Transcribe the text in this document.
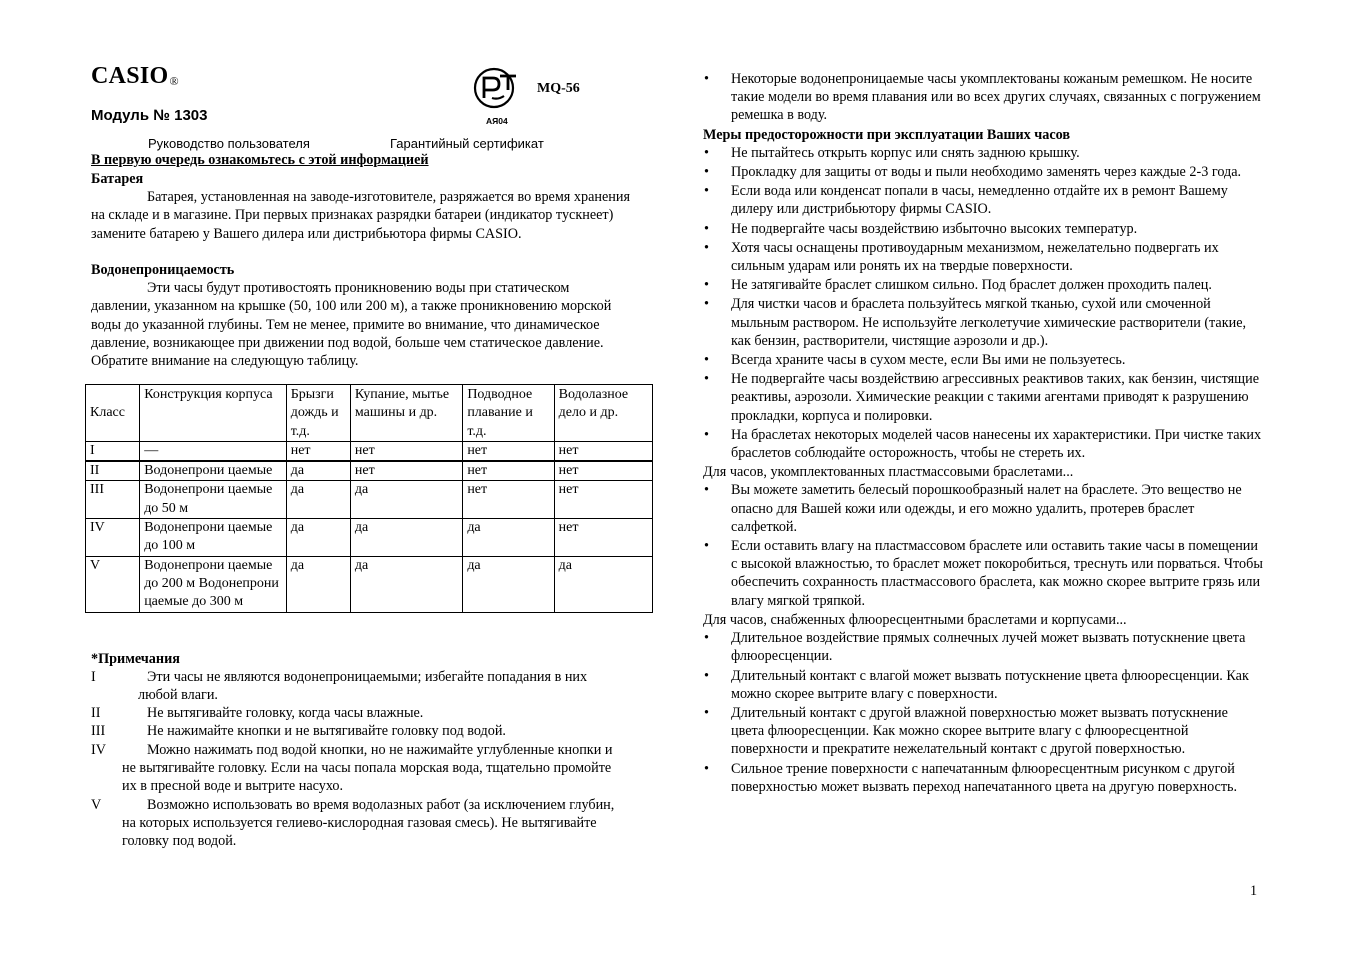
CASIO®
Модуль № 1303	АЯ04
MQ-56
Руководство пользователя	Гарантийный сертификат
В первую очередь ознакомьтесь с этой информацией
Батарея

Батарея, установленная на заводе-изготовителе, разряжается во время хранения на складе и в магазине. При первых признаках разрядки батареи (индикатор тускнеет) замените батарею у Вашего дилера или дистрибьютора фирмы CASIO.

Водонепроницаемость

Эти часы будут противостоять проникновению воды при статическом давлении, указанном на крышке (50, 100 или 200 м), а также проникновению морской воды до указанной глубины. Тем не менее, примите во внимание, что динамическое давление, возникающее при движении под водой, больше чем статическое давление. Обратите внимание на следующую таблицу.

Класс	Конструкция корпуса	Брызги дождь и т.д.	Купание, мытье машины и др.	Подводное плавание и т.д.	Водолазное дело и др.
I	—	нет	нет	нет	нет
II	Водонепрони цаемые	да	нет	нет	нет
III	Водонепрони цаемые до 50 м	да	да	нет	нет
IV	Водонепрони цаемые до 100 м	да	да	да	нет
V	Водонепрони цаемые до 200 м Водонепрони цаемые до 300 м	да	да	да	да
*Примечания
I	Эти часы не являются водонепроницаемыми; избегайте попадания в них любой влаги.

II	Не вытягивайте головку, когда часы влажные.

III	Не нажимайте кнопки и не вытягивайте головку под водой.

IV	Можно нажимать под водой кнопки, но не нажимайте углубленные кнопки и не вытягивайте головку. Если на часы попала морская вода, тщательно промойте их в пресной воде и вытрите насухо.

V	Возможно использовать во время водолазных работ (за исключением глубин, на которых используется гелиево-кислородная газовая смесь). Не вытягивайте головку под водой.

• Некоторые водонепроницаемые часы укомплектованы кожаным ремешком. Не носите такие модели во время плавания или во всех других случаях, связанных с погружением ремешка в воду.
Меры предосторожности при эксплуатации Ваших часов
• Не пытайтесь открыть корпус или снять заднюю крышку.
• Прокладку для защиты от воды и пыли необходимо заменять через каждые 2-3 года.
• Если вода или конденсат попали в часы, немедленно отдайте их в ремонт Вашему дилеру или дистрибьютору фирмы CASIO.
• Не подвергайте часы воздействию избыточно высоких температур.
• Хотя часы оснащены противоударным механизмом, нежелательно подвергать их сильным ударам или ронять их на твердые поверхности.
• Не затягивайте браслет слишком сильно. Под браслет должен проходить палец.
• Для чистки часов и браслета пользуйтесь мягкой тканью, сухой или смоченной мыльным раствором. Не используйте легколетучие химические растворители (такие, как бензин, растворители, чистящие аэрозоли и др.).
• Всегда храните часы в сухом месте, если Вы ими не пользуетесь.
• Не подвергайте часы воздействию агрессивных реактивов таких, как бензин, чистящие реактивы, аэрозоли. Химические реакции с такими агентами приводят к разрушению прокладки, корпуса и полировки.
• На браслетах некоторых моделей часов нанесены их характеристики. При чистке таких браслетов соблюдайте осторожность, чтобы не стереть их.
Для часов, укомплектованных пластмассовыми браслетами...
• Вы можете заметить белесый порошкообразный налет на браслете. Это вещество не опасно для Вашей кожи или одежды, и его можно удалить, протерев браслет салфеткой.
• Если оставить влагу на пластмассовом браслете или оставить такие часы в помещении с высокой влажностью, то браслет может покоробиться, треснуть или порваться. Чтобы обеспечить сохранность пластмассового браслета, как можно скорее вытрите грязь или влагу мягкой тряпкой.
Для часов, снабженных флюоресцентными браслетами и корпусами...
• Длительное воздействие прямых солнечных лучей может вызвать потускнение цвета флюоресценции.
• Длительный контакт с влагой может вызвать потускнение цвета флюоресценции. Как можно скорее вытрите влагу с поверхности.
• Длительный контакт с другой влажной поверхностью может вызвать потускнение цвета флюоресценции. Как можно скорее вытрите влагу с флюоресцентной поверхности и прекратите нежелательный контакт с другой поверхностью.
• Сильное трение поверхности с напечатанным флюоресцентным рисунком с другой поверхностью может вызвать переход напечатанного цвета на другую поверхность.
1
